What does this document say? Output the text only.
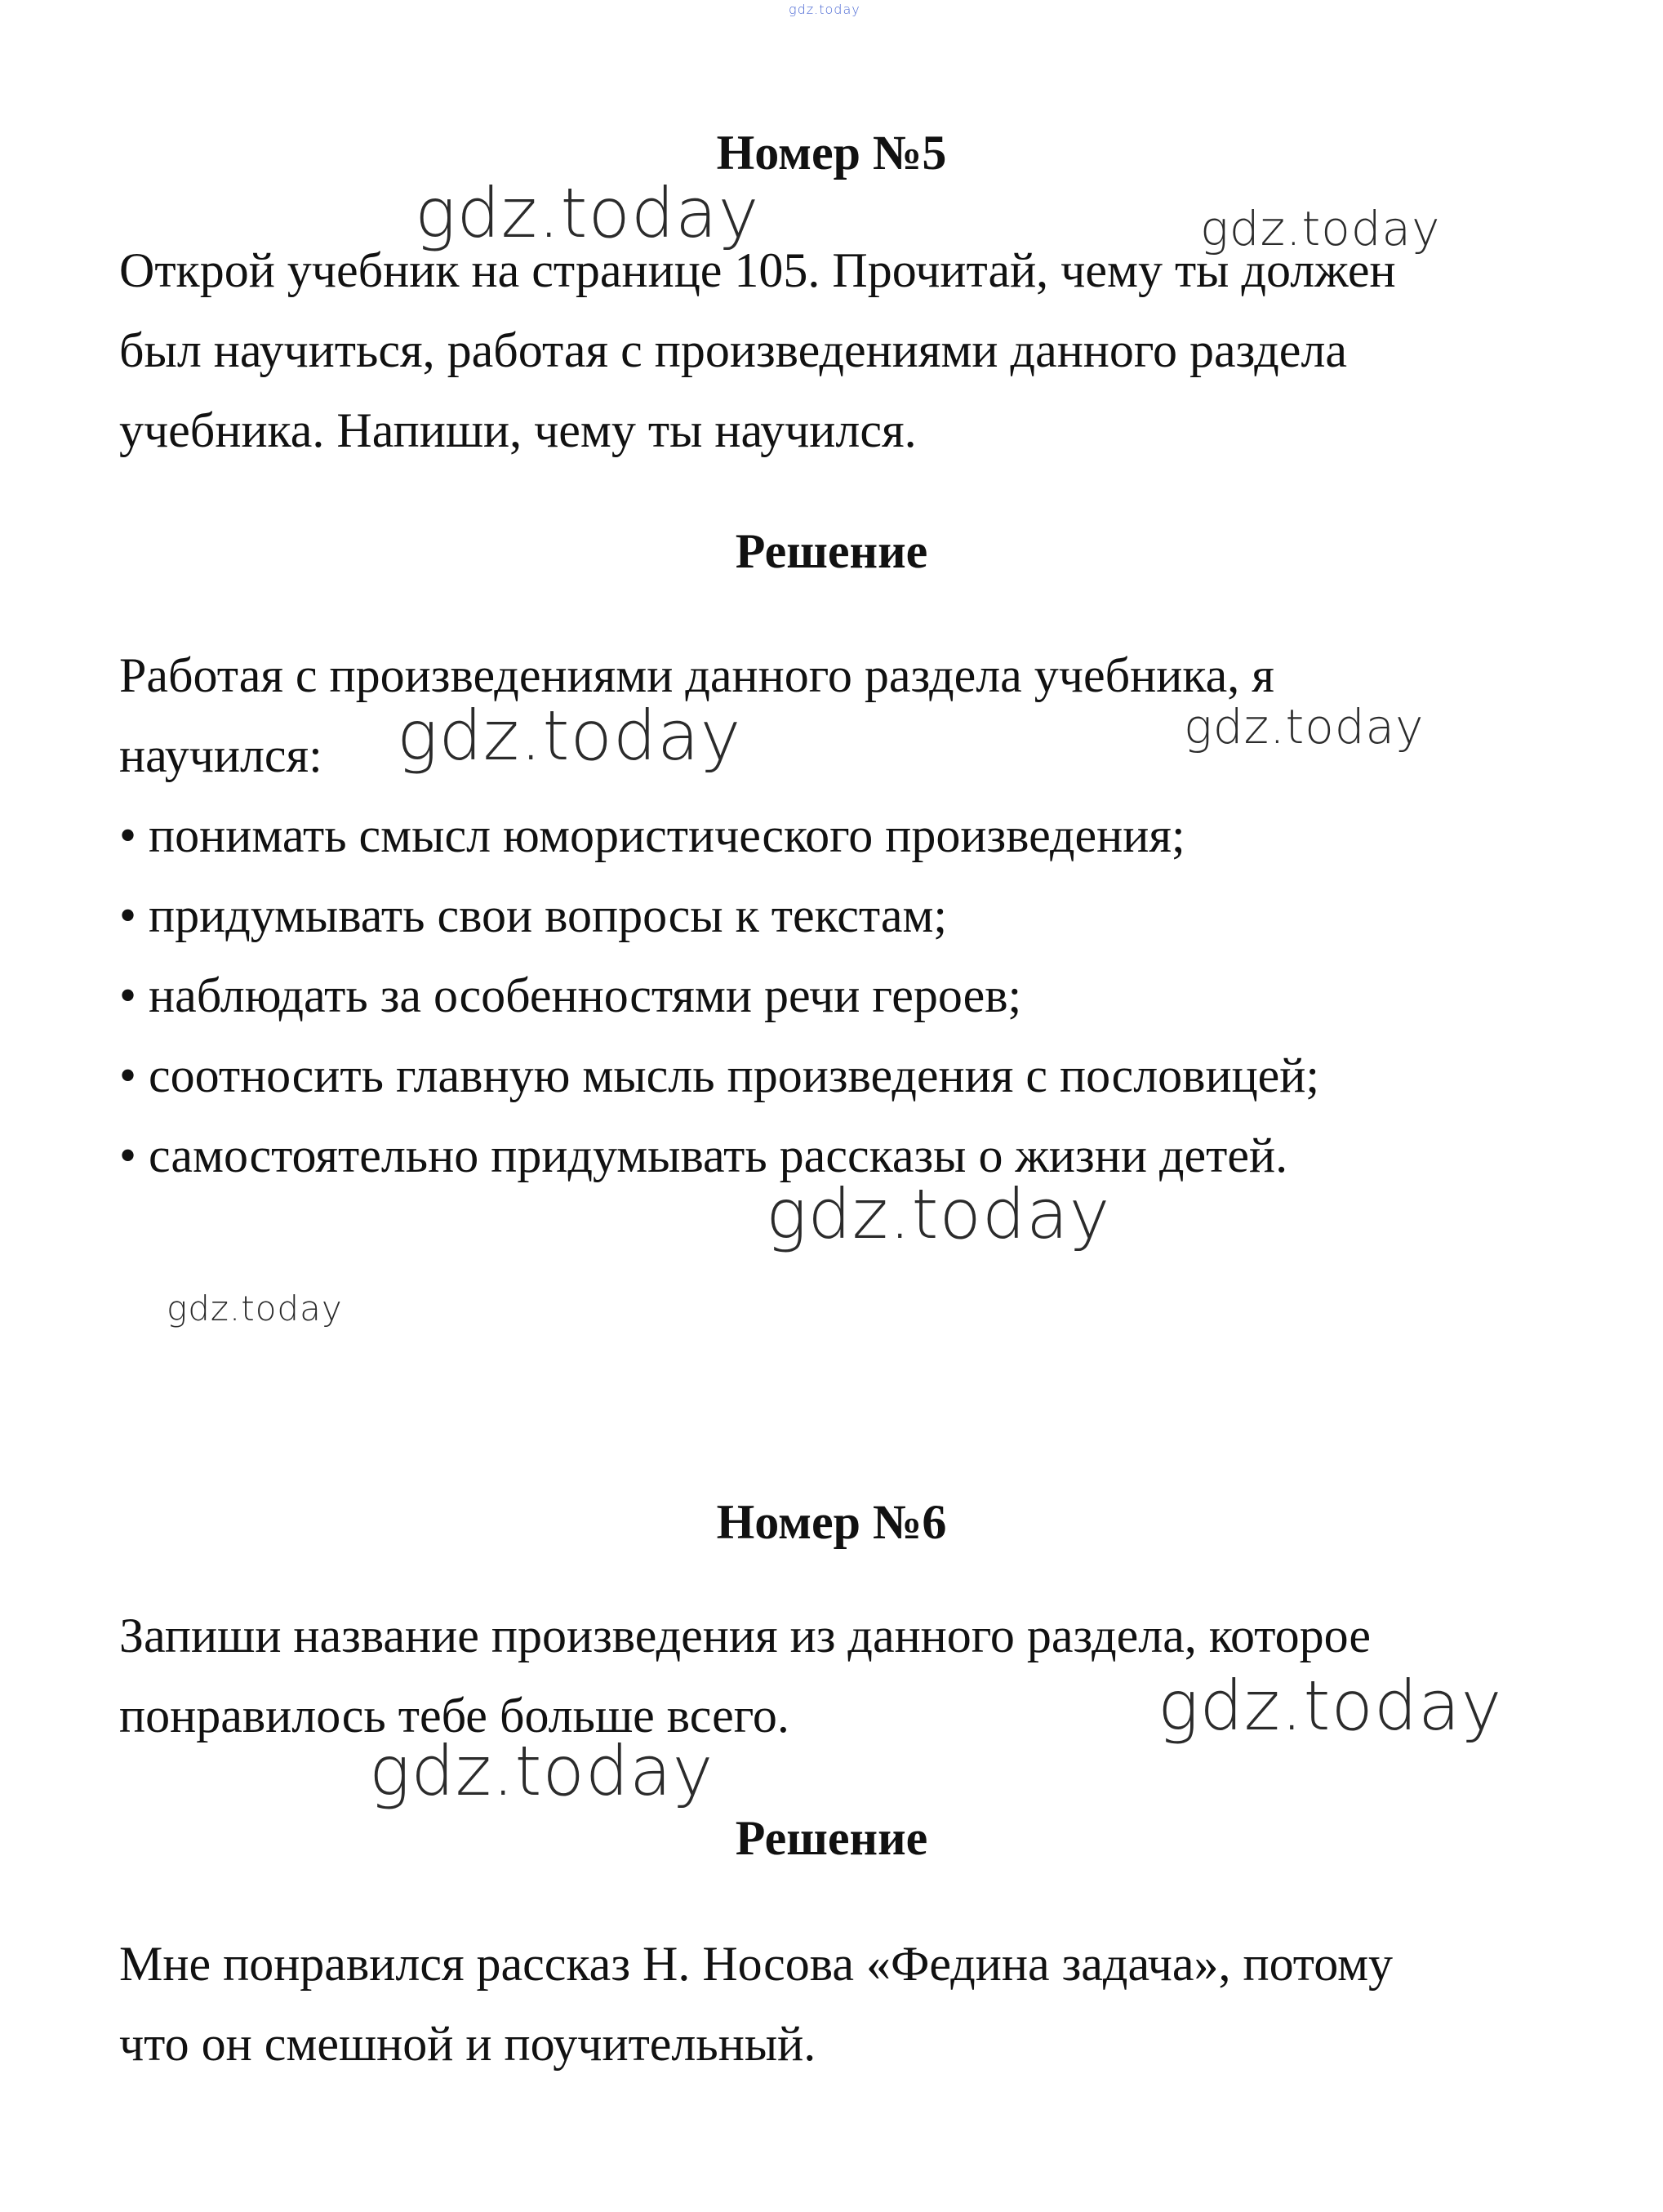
gdz.today
Номер №5

Открой учебник на странице 105. Прочитай, чему ты должен

был научиться, работая с произведениями данного раздела

учебника. Напиши, чему ты научился.

Решение

Работая с произведениями данного раздела учебника, я

научился:

• понимать смысл юмористического произведения;

• придумывать свои вопросы к текстам;

• наблюдать за особенностями речи героев;

• соотносить главную мысль произведения с пословицей;

• самостоятельно придумывать рассказы о жизни детей.

Номер №6

Запиши название произведения из данного раздела, которое

понравилось тебе больше всего.

Решение

Мне понравился рассказ Н. Носова «Федина задача», потому

что он смешной и поучительный.

gdz.today	gdz.today
gdz.today	gdz.today
gdz.today
gdz.today
gdz.today
gdz.today
